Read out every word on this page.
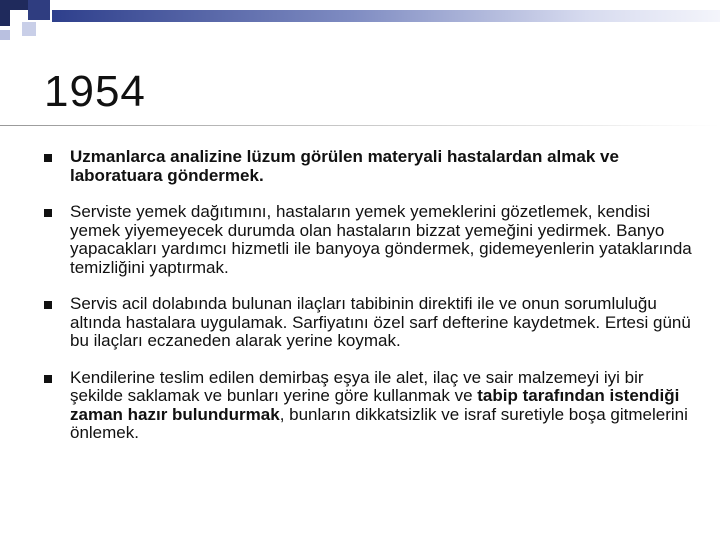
1954
Uzmanlarca analizine lüzum görülen materyali hastalardan almak ve laboratuara göndermek.
Serviste yemek dağıtımını, hastaların yemek yemeklerini gözetlemek, kendisi yemek yiyemeyecek durumda olan hastaların bizzat yemeğini yedirmek. Banyo yapacakları yardımcı hizmetli ile banyoya göndermek, gidemeyenlerin yataklarında temizliğini yaptırmak.
Servis acil dolabında bulunan ilaçları tabibinin direktifi ile ve onun sorumluluğu altında hastalara uygulamak. Sarfiyatını özel sarf defterine kaydetmek. Ertesi günü bu ilaçları eczaneden alarak yerine koymak.
Kendilerine teslim edilen demirbaş eşya ile alet, ilaç ve sair malzemeyi iyi bir şekilde saklamak ve bunları yerine göre kullanmak ve tabip tarafından istendiği zaman hazır bulundurmak, bunların dikkatsizlik ve israf suretiyle boşa gitmelerini önlemek.
